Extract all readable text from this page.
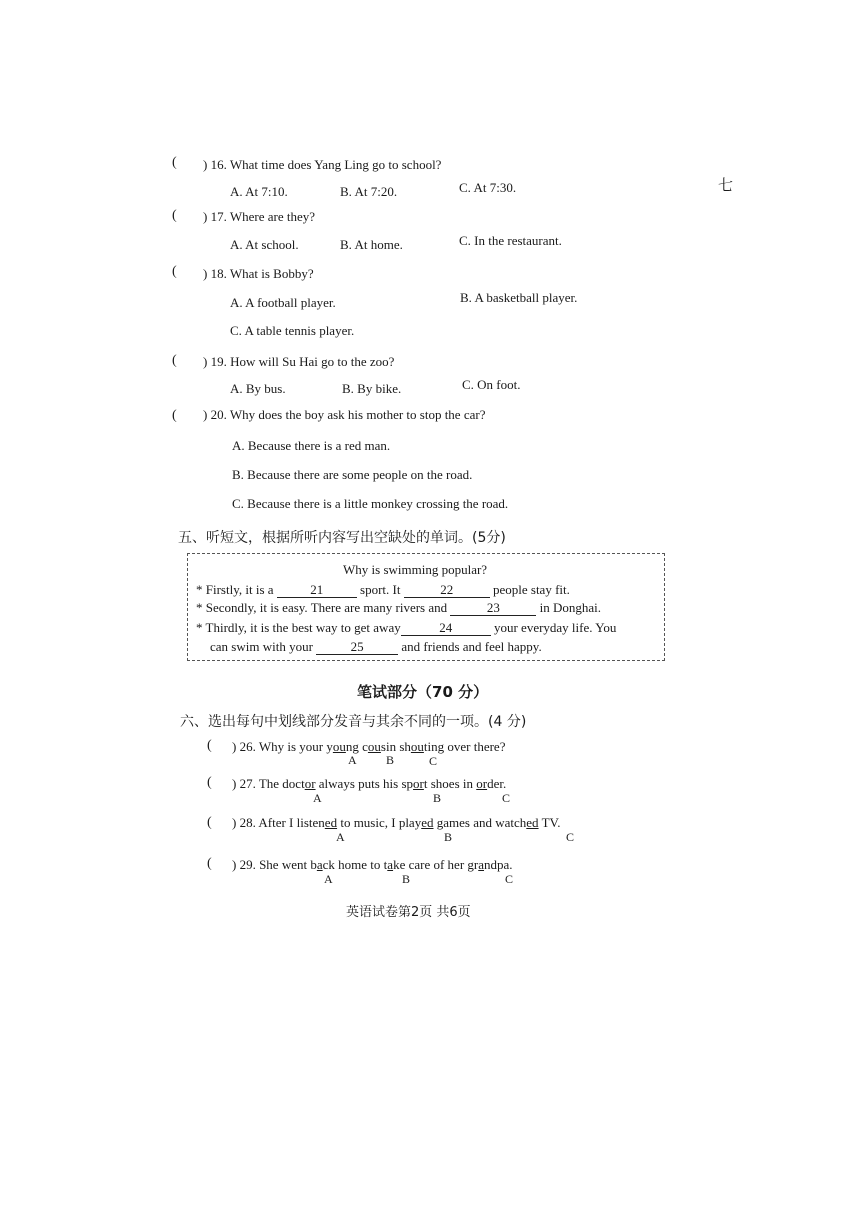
七
( ) 16. What time does Yang Ling go to school?
A. At 7:10.	B. At 7:20.	C. At 7:30.
( ) 17. Where are they?
A. At school.	B. At home.	C. In the restaurant.
( ) 18. What is Bobby?
A. A football player.	B. A basketball player.
C. A table tennis player.
( ) 19. How will Su Hai go to the zoo?
A. By bus.	B. By bike.	C. On foot.
( ) 20. Why does the boy ask his mother to stop the car?
A. Because there is a red man.
B. Because there are some people on the road.
C. Because there is a little monkey crossing the road.
五、听短文，根据所听内容写出空缺处的单词。(5分)
Why is swimming popular?
* Firstly, it is a	21	sport. It	22	people stay fit.
* Secondly, it is easy. There are many rivers and	23	in Donghai.
* Thirdly, it is the best way to get away	24	your everyday life. You
can swim with your	25	and friends and feel happy.
笔试部分（70 分）
六、选出每句中划线部分发音与其余不同的一项。(4 分)
( ) 26. Why is your young cousin shouting over there?
A B	C
( ) 27. The doctor always puts his sport shoes in order.
A	B	C
( ) 28. After I listened to music, I played games and watched TV.
A	B	C
( ) 29. She went back home to take care of her grandpa.
A	B	C
英语试卷第2页 共6页
